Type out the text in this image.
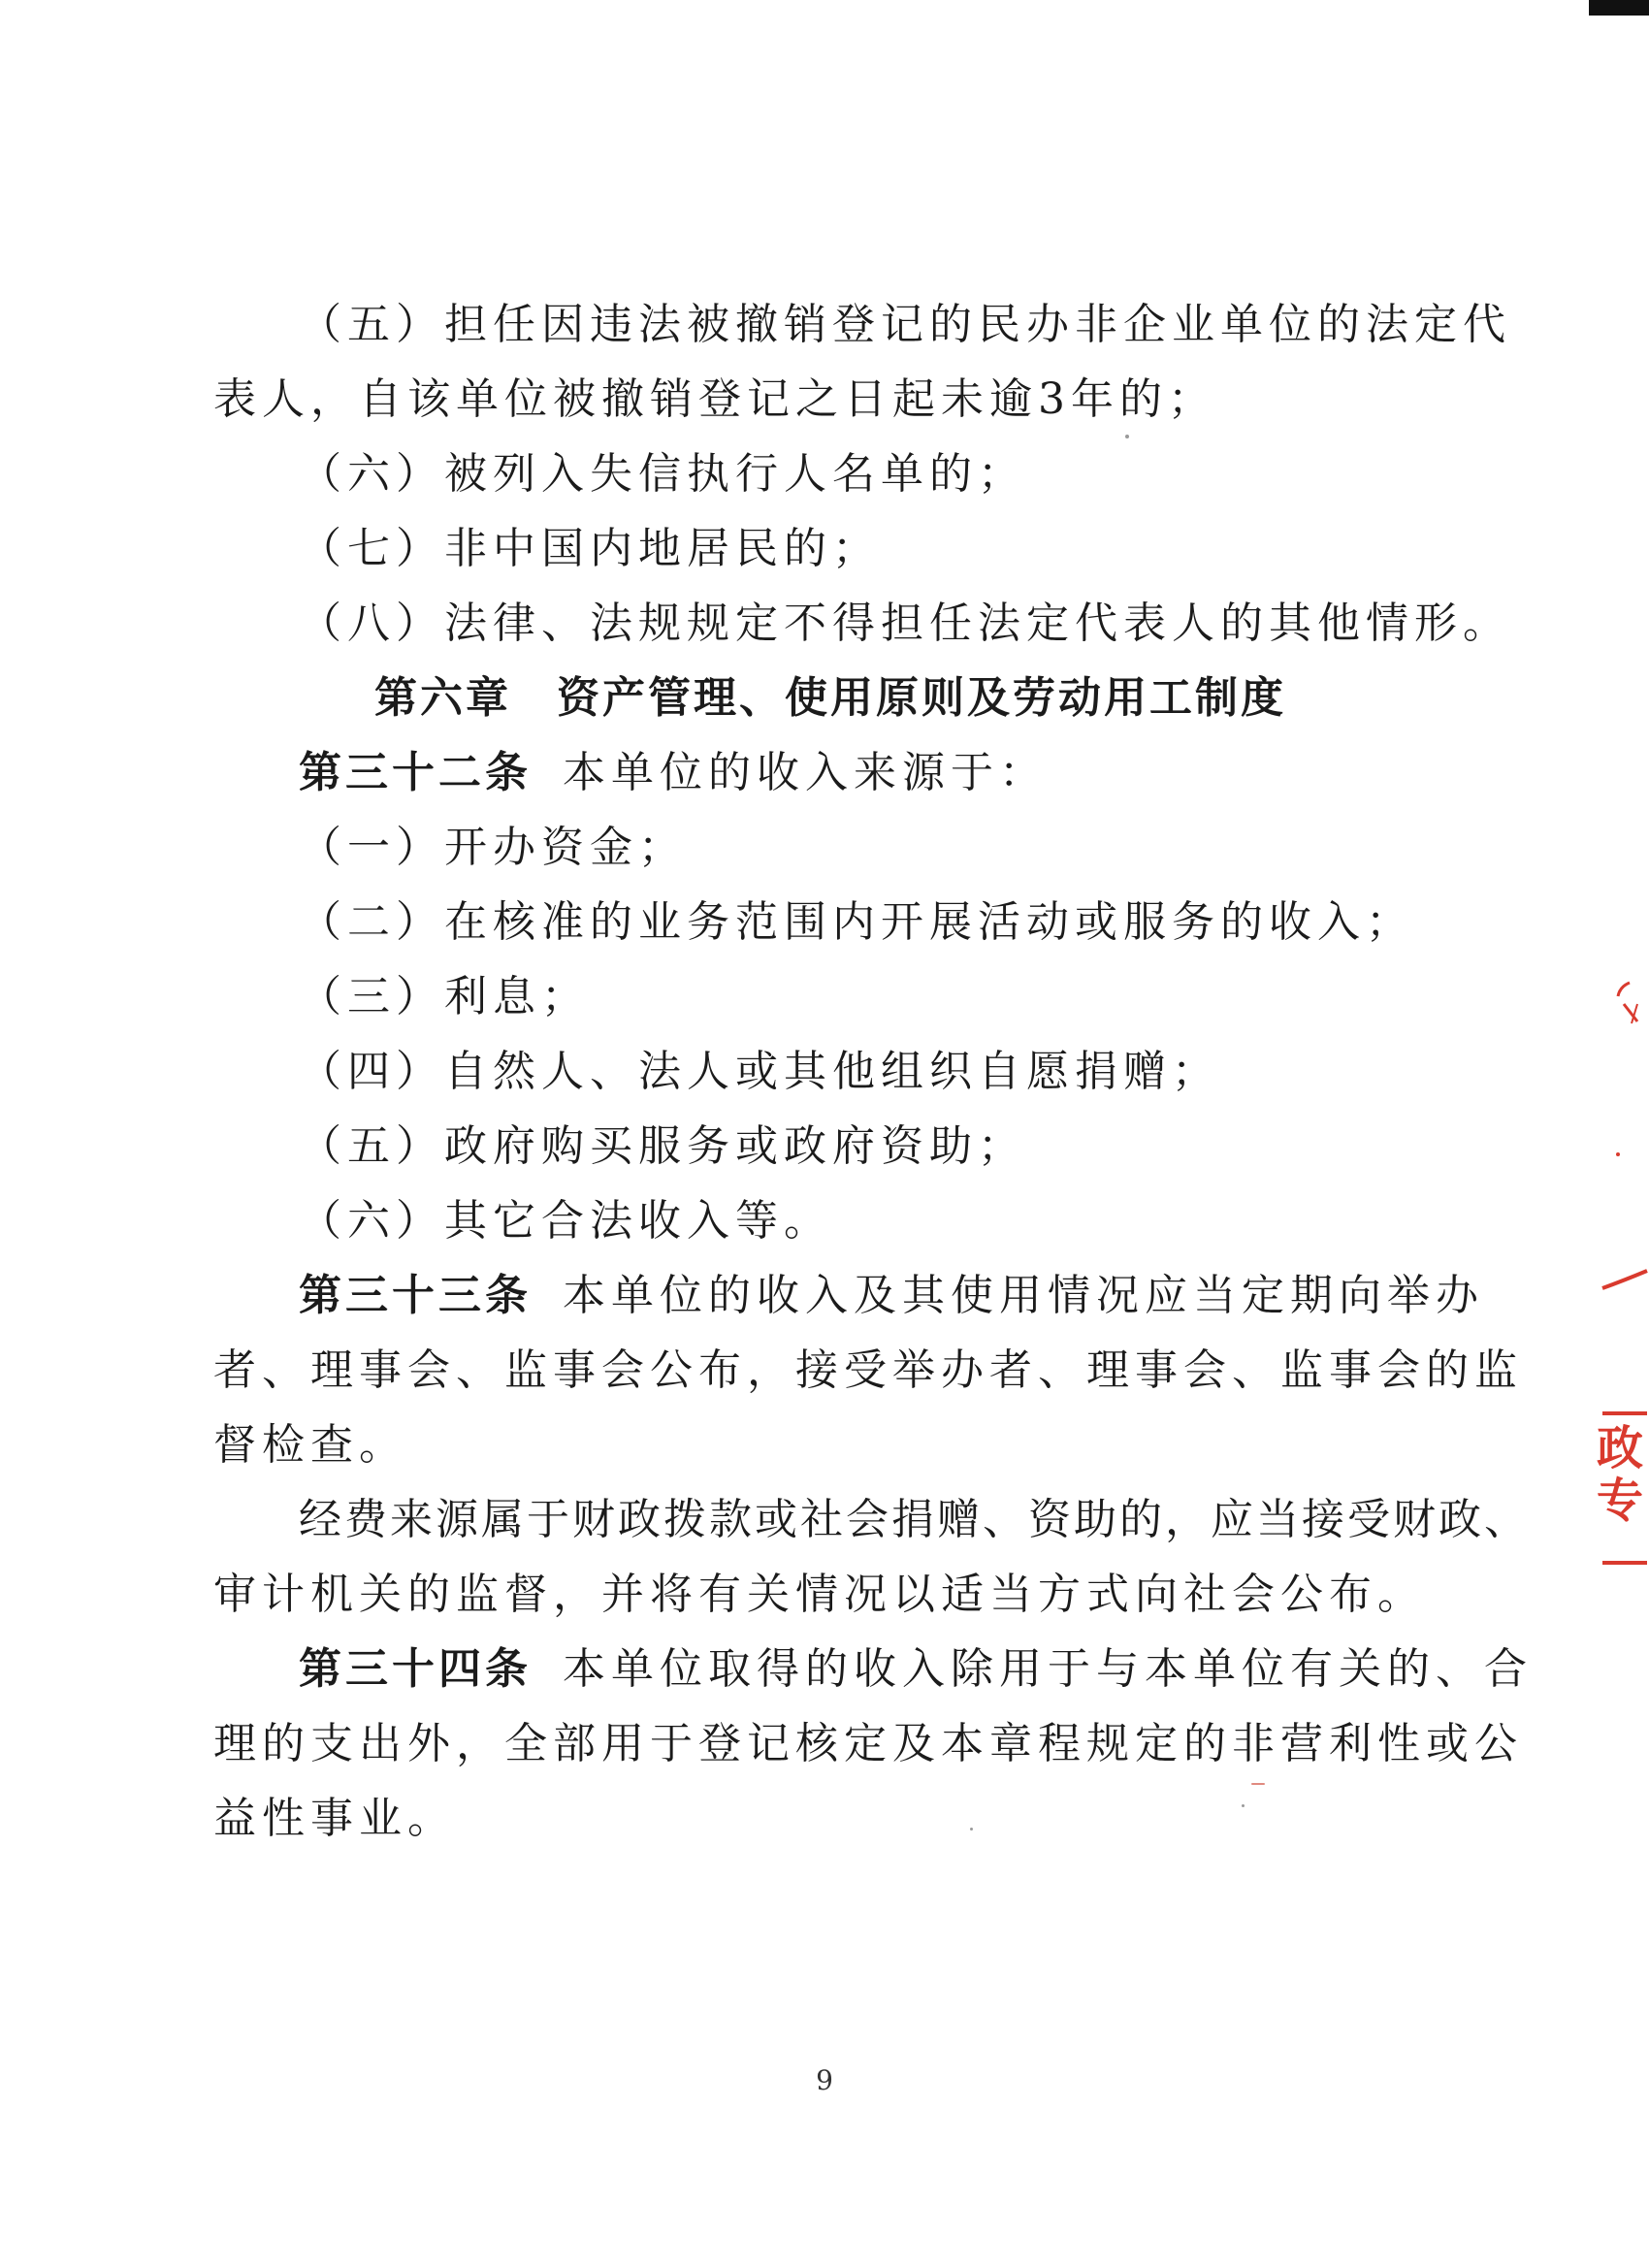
（五）担任因违法被撤销登记的民办非企业单位的法定代
表人，自该单位被撤销登记之日起未逾3年的；
（六）被列入失信执行人名单的；
（七）非中国内地居民的；
（八）法律、法规规定不得担任法定代表人的其他情形。
第六章　资产管理、使用原则及劳动用工制度
第三十二条 本单位的收入来源于：
（一）开办资金；
（二）在核准的业务范围内开展活动或服务的收入；
（三）利息；
（四）自然人、法人或其他组织自愿捐赠；
（五）政府购买服务或政府资助；
（六）其它合法收入等。
第三十三条 本单位的收入及其使用情况应当定期向举办
者、理事会、监事会公布，接受举办者、理事会、监事会的监
督检查。
经费来源属于财政拨款或社会捐赠、资助的，应当接受财政、
审计机关的监督，并将有关情况以适当方式向社会公布。
第三十四条 本单位取得的收入除用于与本单位有关的、合
理的支出外，全部用于登记核定及本章程规定的非营利性或公
益性事业。
9
政
专
